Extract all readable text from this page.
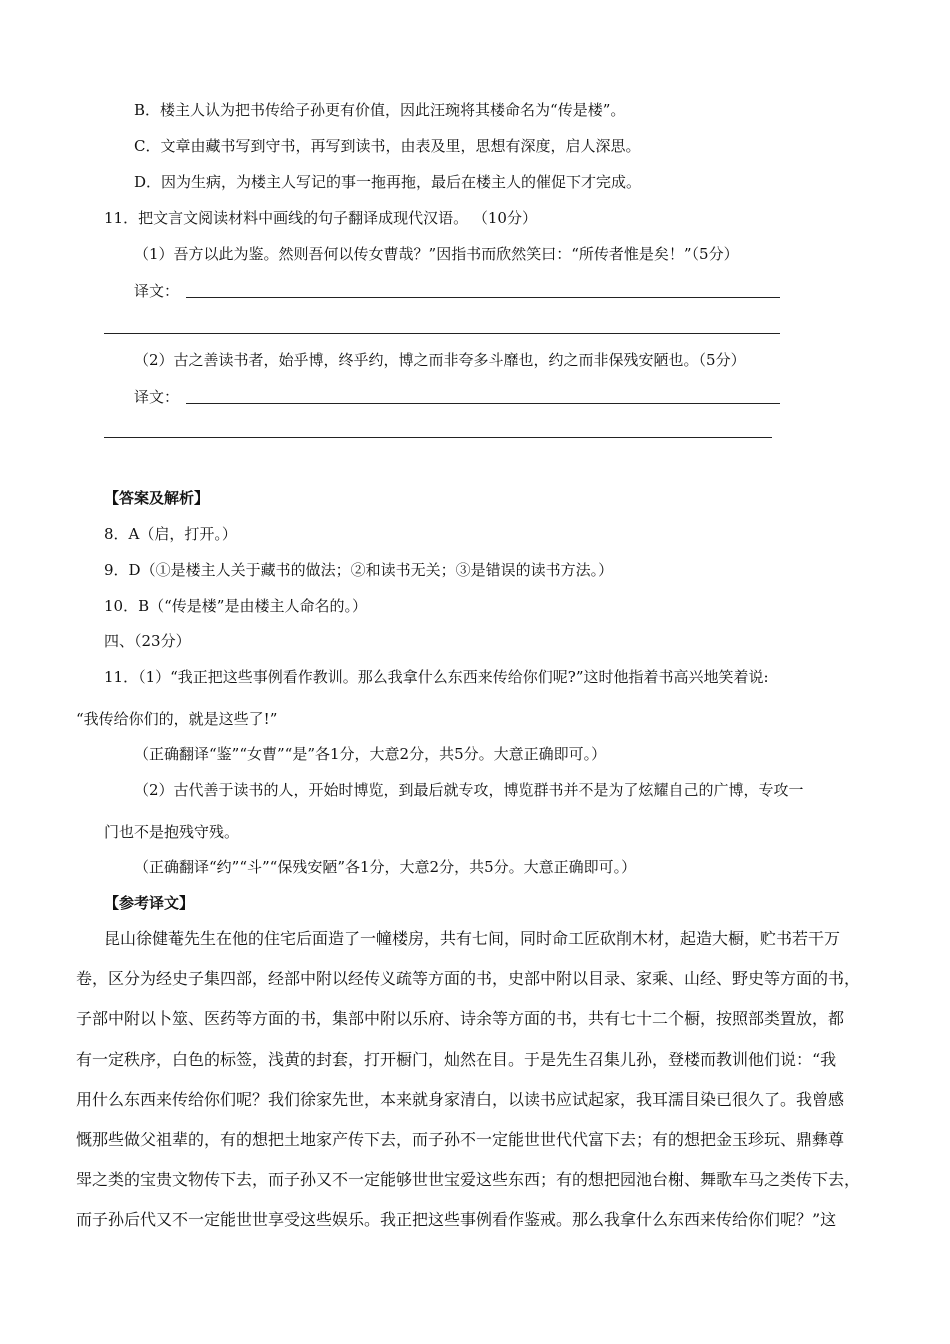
B．楼主人认为把书传给子孙更有价值，因此汪琬将其楼命名为“传是楼”。

C．文章由藏书写到守书，再写到读书，由表及里，思想有深度，启人深思。

D．因为生病，为楼主人写记的事一拖再拖，最后在楼主人的催促下才完成。

11．把文言文阅读材料中画线的句子翻译成现代汉语。 （10分）

（1）吾方以此为鉴。然则吾何以传女曹哉？”因指书而欣然笑曰：“所传者惟是矣！”（5分）

译文：

（2）古之善读书者，始乎博，终乎约，博之而非夸多斗靡也，约之而非保残安陋也。（5分）

译文：

【答案及解析】

8．A（启，打开。）

9．D（①是楼主人关于藏书的做法；②和读书无关；③是错误的读书方法。）

10．B（“传是楼”是由楼主人命名的。）

四、（23分）

11．（1）“我正把这些事例看作教训。那么我拿什么东西来传给你们呢?”这时他指着书高兴地笑着说:

“我传给你们的，就是这些了!”

（正确翻译“鉴”“女曹”“是”各1分，大意2分，共5分。大意正确即可。）

（2）古代善于读书的人，开始时博览，到最后就专攻，博览群书并不是为了炫耀自己的广博，专攻一

门也不是抱残守残。

（正确翻译“约”“斗”“保残安陋”各1分，大意2分，共5分。大意正确即可。）

【参考译文】

昆山徐健菴先生在他的住宅后面造了一幢楼房，共有七间，同时命工匠砍削木材，起造大橱，贮书若干万

卷，区分为经史子集四部，经部中附以经传义疏等方面的书，史部中附以目录、家乘、山经、野史等方面的书，

子部中附以卜筮、医药等方面的书，集部中附以乐府、诗余等方面的书，共有七十二个橱，按照部类置放，都

有一定秩序，白色的标签，浅黄的封套，打开橱门，灿然在目。于是先生召集儿孙，登楼而教训他们说：“我

用什么东西来传给你们呢？我们徐家先世，本来就身家清白，以读书应试起家，我耳濡目染已很久了。我曾感

慨那些做父祖辈的，有的想把土地家产传下去，而子孙不一定能世世代代富下去；有的想把金玉珍玩、鼎彝尊

斝之类的宝贵文物传下去，而子孙又不一定能够世世宝爱这些东西；有的想把园池台榭、舞歌车马之类传下去，

而子孙后代又不一定能世世享受这些娱乐。我正把这些事例看作鉴戒。那么我拿什么东西来传给你们呢？”这
